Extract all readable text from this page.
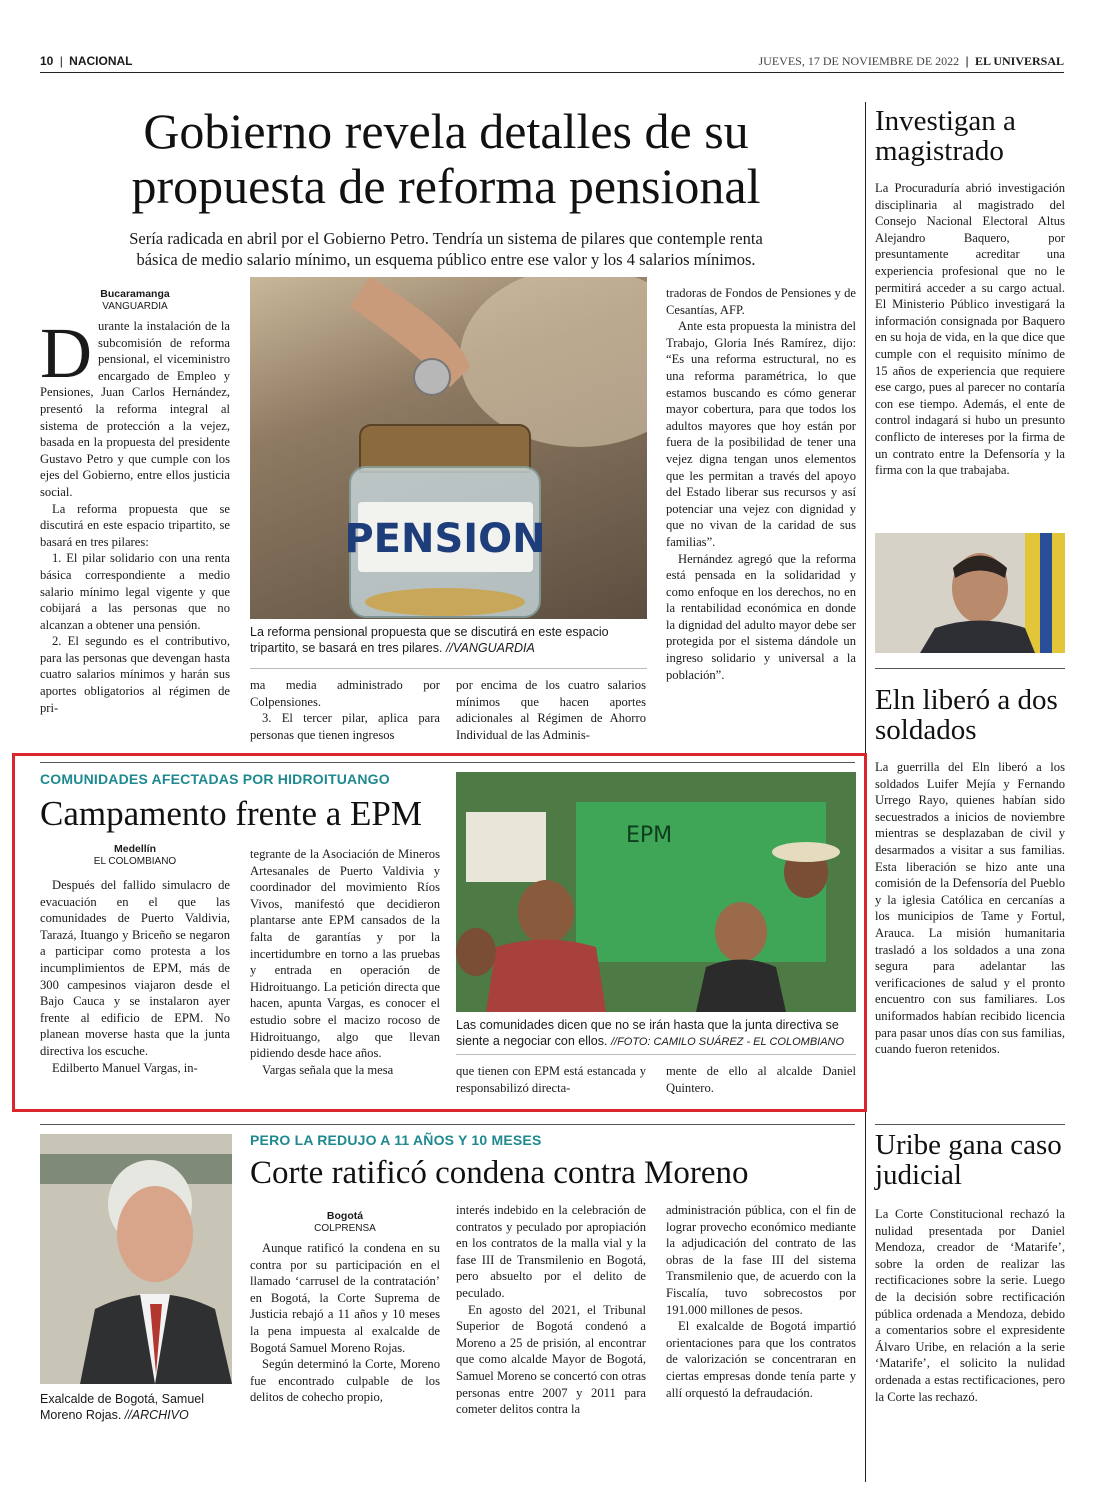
10 | NACIONAL	JUEVES, 17 DE NOVIEMBRE DE 2022 | EL UNIVERSAL
Gobierno revela detalles de su
propuesta de reforma pensional
Sería radicada en abril por el Gobierno Petro. Tendría un sistema de pilares que contemple renta
básica de medio salario mínimo, un esquema público entre ese valor y los 4 salarios mínimos.
Bucaramanga
VANGUARDIA

Durante la instalación de la subcomisión de reforma pensional, el viceministro encargado de Empleo y Pensiones, Juan Carlos Hernández, presentó la reforma integral al sistema de protección a la vejez, basada en la propuesta del presidente Gustavo Petro y que cumple con los ejes del Gobierno, entre ellos justicia social.

La reforma propuesta que se discutirá en este espacio tripartito, se basará en tres pilares:

1. El pilar solidario con una renta básica correspondiente a medio salario mínimo legal vigente y que cobijará a las personas que no alcanzan a obtener una pensión.

2. El segundo es el contributivo, para las personas que devengan hasta cuatro salarios mínimos y harán sus aportes obligatorios al régimen de pri-

PENSION
La reforma pensional propuesta que se discutirá en este espacio tripartito, se basará en tres pilares. //VANGUARDIA

ma media administrado por Colpensiones.

3. El tercer pilar, aplica para personas que tienen ingresos

por encima de los cuatro salarios mínimos que hacen aportes adicionales al Régimen de Ahorro Individual de las Adminis-

tradoras de Fondos de Pensiones y de Cesantías, AFP.

Ante esta propuesta la ministra del Trabajo, Gloria Inés Ramírez, dijo: “Es una reforma estructural, no es una reforma paramétrica, lo que estamos buscando es cómo generar mayor cobertura, para que todos los adultos mayores que hoy están por fuera de la posibilidad de tener una vejez digna tengan unos elementos que les permitan a través del apoyo del Estado liberar sus recursos y así potenciar una vejez con dignidad y que no vivan de la caridad de sus familias”.

Hernández agregó que la reforma está pensada en la solidaridad y como enfoque en los derechos, no en la rentabilidad económica en donde la dignidad del adulto mayor debe ser protegida por el sistema dándole un ingreso solidario y universal a la población”.

COMUNIDADES AFECTADAS POR HIDROITUANGO
Campamento frente a EPM
Medellín
EL COLOMBIANO

Después del fallido simulacro de evacuación en el que las comunidades de Puerto Valdivia, Tarazá, Ituango y Briceño se negaron a participar como protesta a los incumplimientos de EPM, más de 300 campesinos viajaron desde el Bajo Cauca y se instalaron ayer frente al edificio de EPM. No planean moverse hasta que la junta directiva los escuche.

Edilberto Manuel Vargas, in-

tegrante de la Asociación de Mineros Artesanales de Puerto Valdivia y coordinador del movimiento Ríos Vivos, manifestó que decidieron plantarse ante EPM cansados de la falta de garantías y por la incertidumbre en torno a las pruebas y entrada en operación de Hidroituango. La petición directa que hacen, apunta Vargas, es conocer el estudio sobre el macizo rocoso de Hidroituango, algo que llevan pidiendo desde hace años.

Vargas señala que la mesa

EPM
Las comunidades dicen que no se irán hasta que la junta directiva se siente a negociar con ellos. //FOTO: CAMILO SUÁREZ - EL COLOMBIANO

que tienen con EPM está estancada y responsabilizó directa-

mente de ello al alcalde Daniel Quintero.

Exalcalde de Bogotá, Samuel Moreno Rojas. //ARCHIVO
PERO LA REDUJO A 11 AÑOS Y 10 MESES
Corte ratificó condena contra Moreno
Bogotá
COLPRENSA

Aunque ratificó la condena en su contra por su participación en el llamado ‘carrusel de la contratación’ en Bogotá, la Corte Suprema de Justicia rebajó a 11 años y 10 meses la pena impuesta al exalcalde de Bogotá Samuel Moreno Rojas.

Según determinó la Corte, Moreno fue encontrado culpable de los delitos de cohecho propio,

interés indebido en la celebración de contratos y peculado por apropiación en los contratos de la malla vial y la fase III de Transmilenio en Bogotá, pero absuelto por el delito de peculado.

En agosto del 2021, el Tribunal Superior de Bogotá condenó a Moreno a 25 de prisión, al encontrar que como alcalde Mayor de Bogotá, Samuel Moreno se concertó con otras personas entre 2007 y 2011 para cometer delitos contra la

administración pública, con el fin de lograr provecho económico mediante la adjudicación del contrato de las obras de la fase III del sistema Transmilenio que, de acuerdo con la Fiscalía, tuvo sobrecostos por 191.000 millones de pesos.

El exalcalde de Bogotá impartió orientaciones para que los contratos de valorización se concentraran en ciertas empresas donde tenía parte y allí orquestó la defraudación.

Investigan a magistrado

La Procuraduría abrió investigación disciplinaria al magistrado del Consejo Nacional Electoral Altus Alejandro Baquero, por presuntamente acreditar una experiencia profesional que no le permitirá acceder a su cargo actual. El Ministerio Público investigará la información consignada por Baquero en su hoja de vida, en la que dice que cumple con el requisito mínimo de 15 años de experiencia que requiere ese cargo, pues al parecer no contaría con ese tiempo. Además, el ente de control indagará si hubo un presunto conflicto de intereses por la firma de un contrato entre la Defensoría y la firma con la que trabajaba.

Eln liberó a dos soldados

La guerrilla del Eln liberó a los soldados Luifer Mejía y Fernando Urrego Rayo, quienes habían sido secuestrados a inicios de noviembre mientras se desplazaban de civil y desarmados a visitar a sus familias. Esta liberación se hizo ante una comisión de la Defensoría del Pueblo y la iglesia Católica en cercanías a los municipios de Tame y Fortul, Arauca. La misión humanitaria trasladó a los soldados a una zona segura para adelantar las verificaciones de salud y el pronto encuentro con sus familiares. Los uniformados habían recibido licencia para pasar unos días con sus familias, cuando fueron retenidos.

Uribe gana caso judicial

La Corte Constitucional rechazó la nulidad presentada por Daniel Mendoza, creador de ‘Matarife’, sobre la orden de realizar las rectificaciones sobre la serie. Luego de la decisión sobre rectificación pública ordenada a Mendoza, debido a comentarios sobre el expresidente Álvaro Uribe, en relación a la serie ‘Matarife’, el solicito la nulidad ordenada a estas rectificaciones, pero la Corte las rechazó.
